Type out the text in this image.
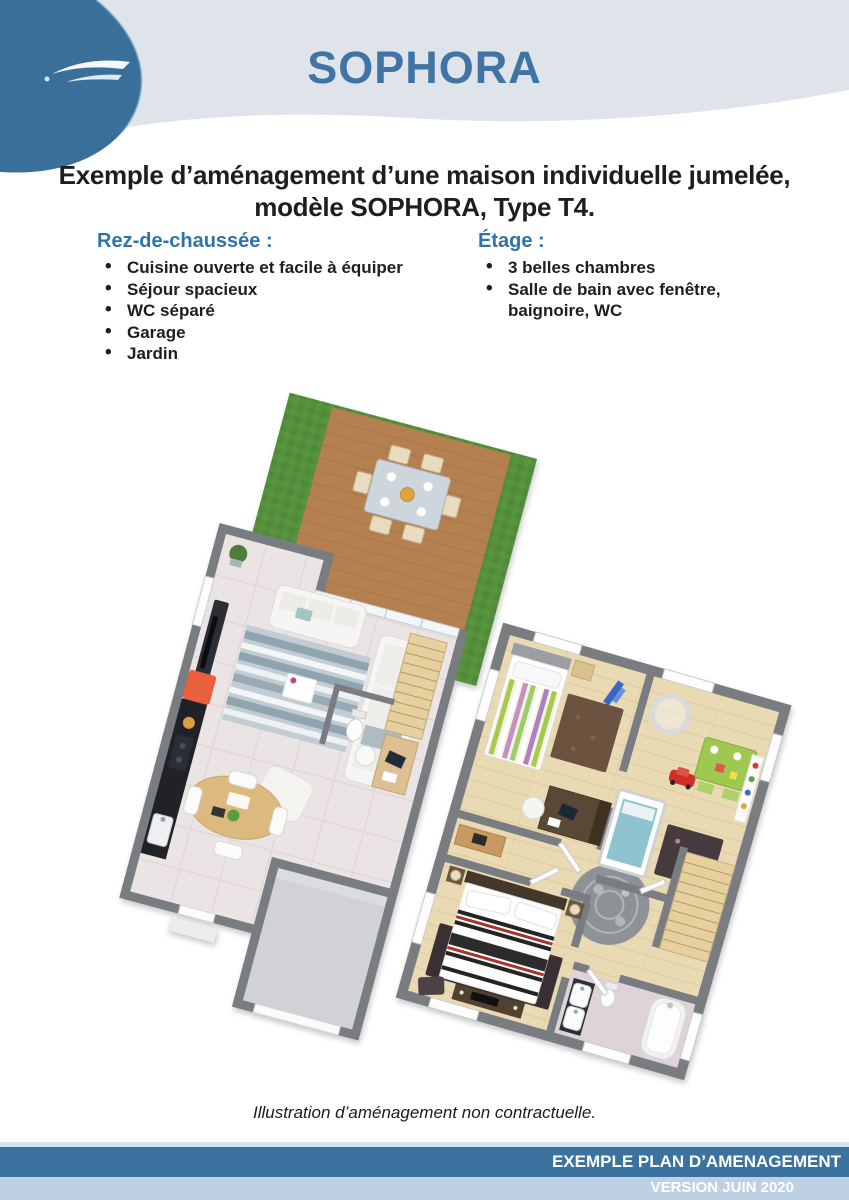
SOPHORA
Exemple d’aménagement d’une maison individuelle jumelée,
modèle SOPHORA, Type T4.
Rez-de-chaussée :
• Cuisine ouverte et facile à équiper
• Séjour spacieux
• WC séparé
• Garage
• Jardin
Étage :
• 3 belles chambres
• Salle de bain avec fenêtre, baignoire, WC
Illustration d’aménagement non contractuelle.
EXEMPLE PLAN D’AMENAGEMENT
VERSION JUIN 2020
